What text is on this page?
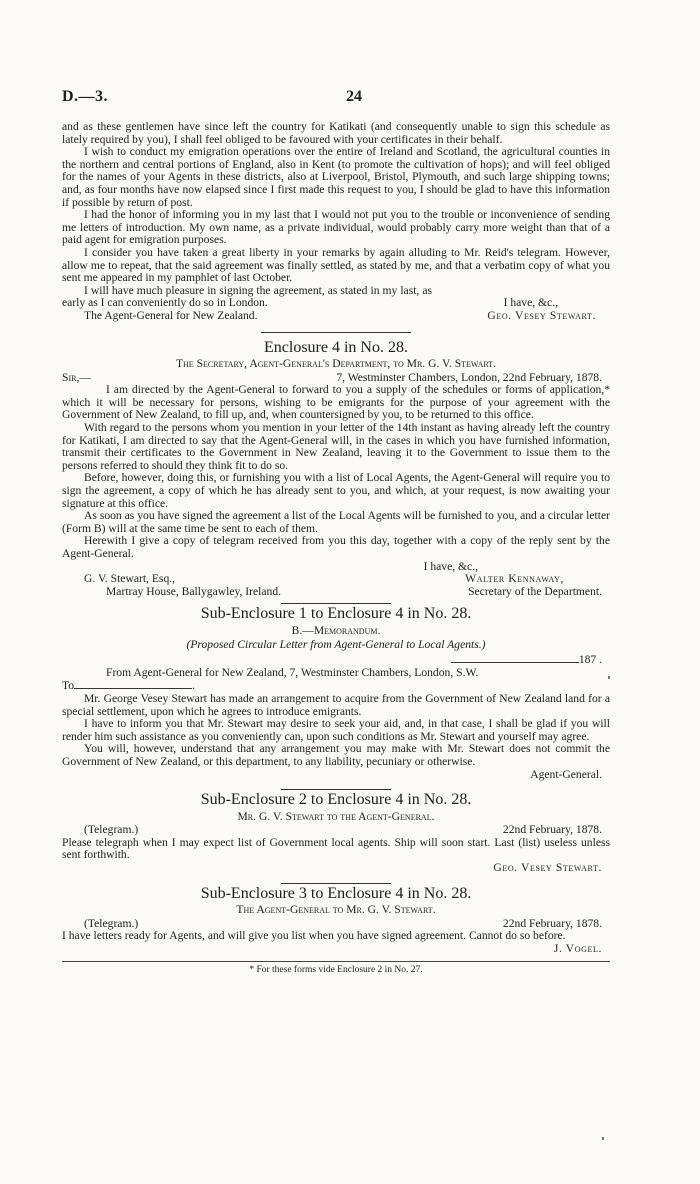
D.—3.	24

and as these gentlemen have since left the country for Katikati (and consequently unable to sign this schedule as lately required by you), I shall feel obliged to be favoured with your certificates in their behalf.

I wish to conduct my emigration operations over the entire of Ireland and Scotland, the agricultural counties in the northern and central portions of England, also in Kent (to promote the cultivation of hops); and will feel obliged for the names of your Agents in these districts, also at Liverpool, Bristol, Plymouth, and such large shipping towns; and, as four months have now elapsed since I first made this request to you, I should be glad to have this information if possible by return of post.

I had the honor of informing you in my last that I would not put you to the trouble or inconvenience of sending me letters of introduction. My own name, as a private individual, would probably carry more weight than that of a paid agent for emigration purposes.

I consider you have taken a great liberty in your remarks by again alluding to Mr. Reid's telegram. However, allow me to repeat, that the said agreement was finally settled, as stated by me, and that a verbatim copy of what you sent me appeared in my pamphlet of last October.

I will have much pleasure in signing the agreement, as stated in my last, as early as I can conveniently do so in London.	I have, &c.,
The Agent-General for New Zealand.	Geo. Vesey Stewart.
Enclosure 4 in No. 28.
The Secretary, Agent-General's Department, to Mr. G. V. Stewart.
Sir,—	7, Westminster Chambers, London, 22nd February, 1878.

I am directed by the Agent-General to forward to you a supply of the schedules or forms of application,* which it will be necessary for persons, wishing to be emigrants for the purpose of your agreement with the Government of New Zealand, to fill up, and, when countersigned by you, to be returned to this office.

With regard to the persons whom you mention in your letter of the 14th instant as having already left the country for Katikati, I am directed to say that the Agent-General will, in the cases in which you have furnished information, transmit their certificates to the Government in New Zealand, leaving it to the Government to issue them to the persons referred to should they think fit to do so.

Before, however, doing this, or furnishing you with a list of Local Agents, the Agent-General will require you to sign the agreement, a copy of which he has already sent to you, and which, at your request, is now awaiting your signature at this office.

As soon as you have signed the agreement a list of the Local Agents will be furnished to you, and a circular letter (Form B) will at the same time be sent to each of them.

Herewith I give a copy of telegram received from you this day, together with a copy of the reply sent by the Agent-General.

I have, &c.,
G. V. Stewart, Esq.,	Walter Kennaway,
Martray House, Ballygawley, Ireland.	Secretary of the Department.
Sub-Enclosure 1 to Enclosure 4 in No. 28.
B.—Memorandum.
(Proposed Circular Letter from Agent-General to Local Agents.)
187 .
From Agent-General for New Zealand, 7, Westminster Chambers, London, S.W.
To	.

Mr. George Vesey Stewart has made an arrangement to acquire from the Government of New Zealand land for a special settlement, upon which he agrees to introduce emigrants.

I have to inform you that Mr. Stewart may desire to seek your aid, and, in that case, I shall be glad if you will render him such assistance as you conveniently can, upon such conditions as Mr. Stewart and yourself may agree.

You will, however, understand that any arrangement you may make with Mr. Stewart does not commit the Government of New Zealand, or this department, to any liability, pecuniary or otherwise.

Agent-General.
Sub-Enclosure 2 to Enclosure 4 in No. 28.
Mr. G. V. Stewart to the Agent-General.
(Telegram.)	22nd February, 1878.

Please telegraph when I may expect list of Government local agents. Ship will soon start. Last (list) useless unless sent forthwith.

Geo. Vesey Stewart.
Sub-Enclosure 3 to Enclosure 4 in No. 28.
The Agent-General to Mr. G. V. Stewart.
(Telegram.)	22nd February, 1878.

I have letters ready for Agents, and will give you list when you have signed agreement. Cannot do so before.

J. Vogel.
* For these forms vide Enclosure 2 in No. 27.
